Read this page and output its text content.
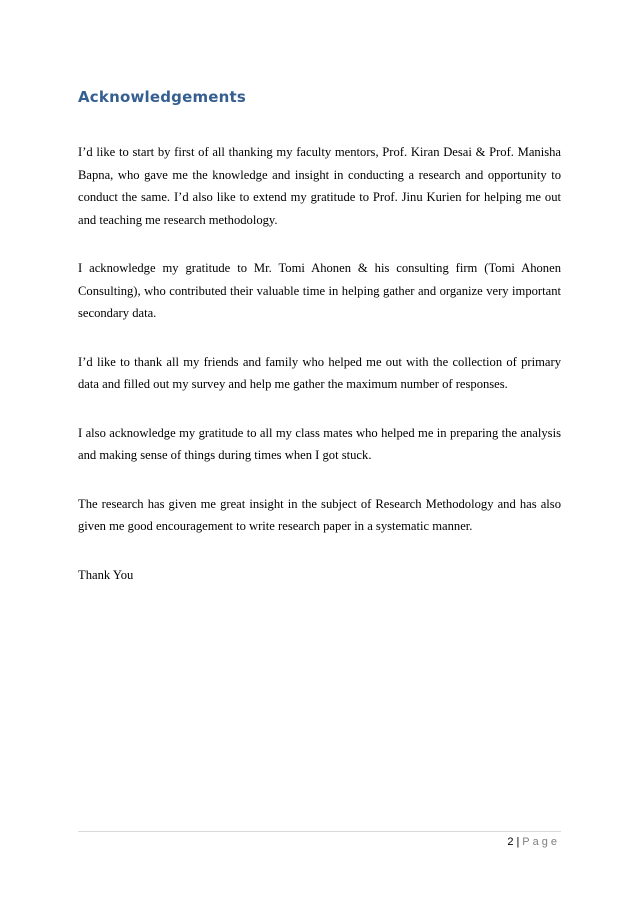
Acknowledgements

I’d like to start by first of all thanking my faculty mentors, Prof. Kiran Desai & Prof. Manisha Bapna, who gave me the knowledge and insight in conducting a research and opportunity to conduct the same. I’d also like to extend my gratitude to Prof. Jinu Kurien for helping me out and teaching me research methodology.

I acknowledge my gratitude to Mr. Tomi Ahonen & his consulting firm (Tomi Ahonen Consulting), who contributed their valuable time in helping gather and organize very important secondary data.

I’d like to thank all my friends and family who helped me out with the collection of primary data and filled out my survey and help me gather the maximum number of responses.

I also acknowledge my gratitude to all my class mates who helped me in preparing the analysis and making sense of things during times when I got stuck.

The research has given me great insight in the subject of Research Methodology and has also given me good encouragement to write research paper in a systematic manner.

Thank You

2 | Page
